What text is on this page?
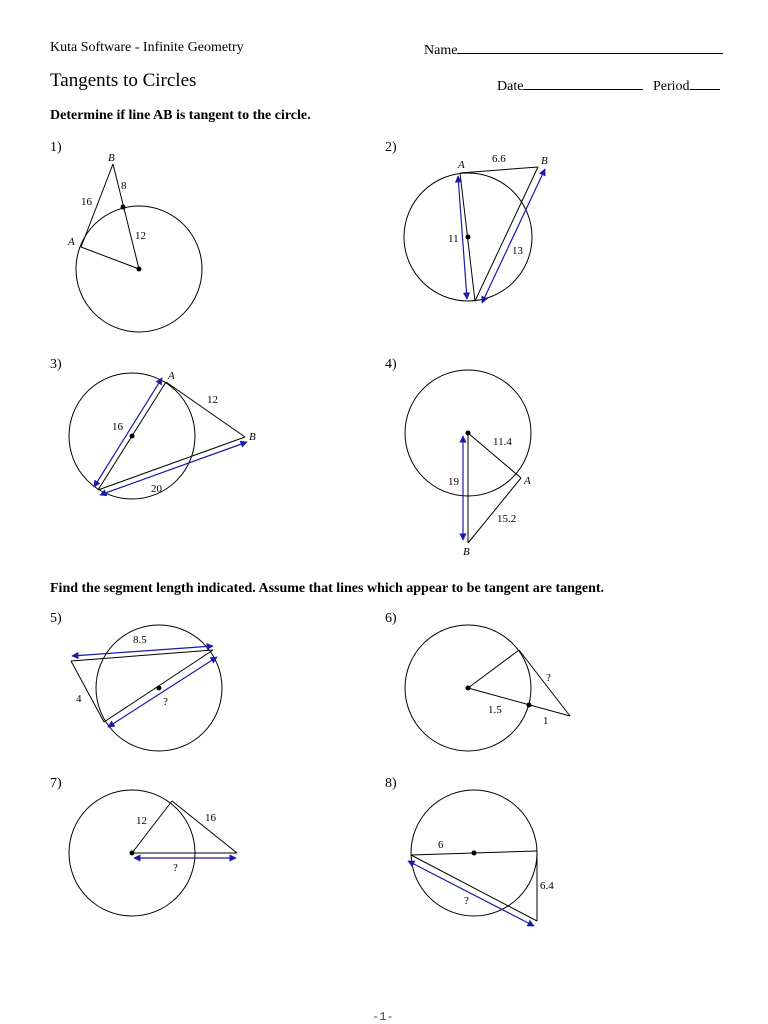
Kuta Software - Infinite Geometry	Name
Tangents to Circles	Date	Period
Determine if line AB is tangent to the circle.
1)	2)
3)	4)
B
A
16
8
12
A	B
6.6
11
13
A
B
12
16
20
A
B
11.4
19
15.2
Find the segment length indicated. Assume that lines which appear to be tangent are tangent.
5)	6)
7)	8)
8.5
4	?
1.5
1
?
12	16
?
6
6.4
?
-1-
